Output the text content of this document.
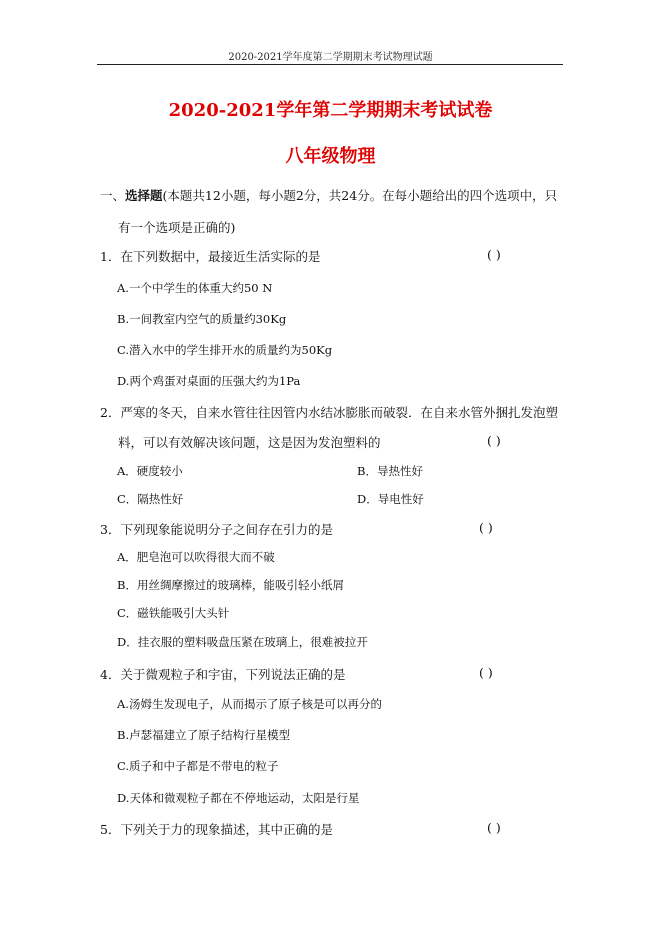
2020-2021学年度第二学期期末考试物理试题
2020-2021学年第二学期期末考试试卷
八年级物理
一、选择题(本题共12小题，每小题2分，共24分。在每小题给出的四个选项中，只
有一个选项是正确的)
1．在下列数据中，最接近生活实际的是	( )
A.一个中学生的体重大约50 N
B.一间教室内空气的质量约30Kg
C.潜入水中的学生排开水的质量约为50Kg
D.两个鸡蛋对桌面的压强大约为1Pa
2．严寒的冬天，自来水管往往因管内水结冰膨胀而破裂．在自来水管外捆扎发泡塑
料，可以有效解决该问题，这是因为发泡塑料的	( )
A．硬度较小	B．导热性好
C．隔热性好	D．导电性好
3．下列现象能说明分子之间存在引力的是	( )
A．肥皂泡可以吹得很大而不破
B．用丝绸摩擦过的玻璃棒，能吸引轻小纸屑
C．磁铁能吸引大头针
D．挂衣服的塑料吸盘压紧在玻璃上，很难被拉开
4．关于微观粒子和宇宙，下列说法正确的是	( )
A.汤姆生发现电子，从而揭示了原子核是可以再分的
B.卢瑟福建立了原子结构行星模型
C.质子和中子都是不带电的粒子
D.天体和微观粒子都在不停地运动，太阳是行星
5．下列关于力的现象描述，其中正确的是	( )
